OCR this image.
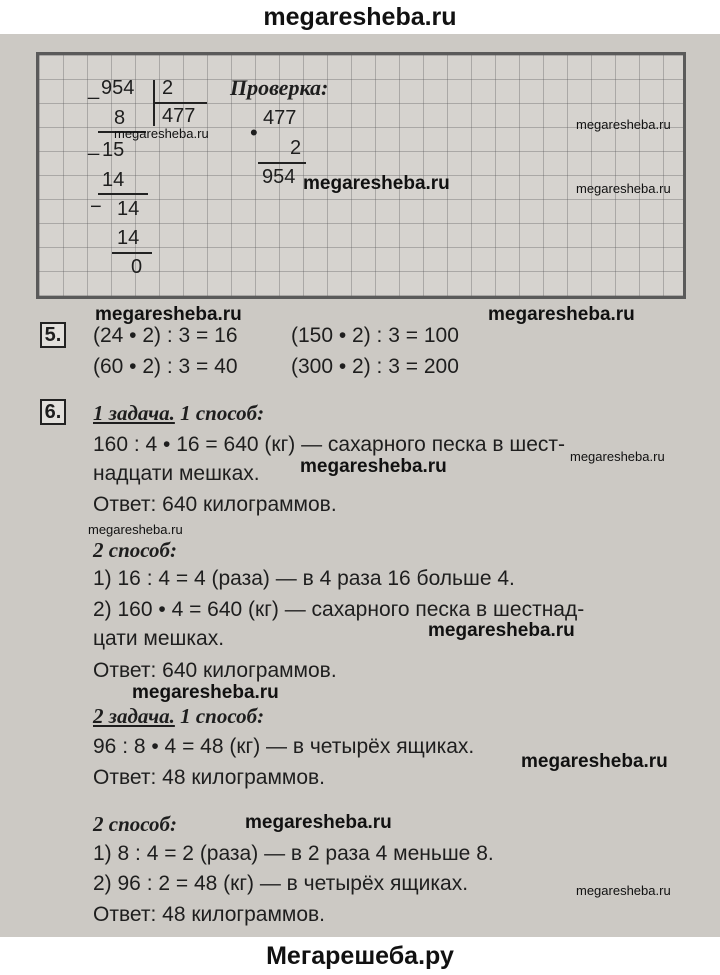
megaresheba.ru
954
_	2
477
8
_ 15
14
− 14
14
0
Проверка:
•
477
2
954
5. (24 • 2) : 3 = 16	(150 • 2) : 3 = 100
(60 • 2) : 3 = 40	(300 • 2) : 3 = 200
6. 1 задача. 1 способ:
160 : 4 • 16 = 640 (кг) — сахарного песка в шест-
надцати мешках.
Ответ: 640 килограммов.
2 способ:
1) 16 : 4 = 4 (раза) — в 4 раза 16 больше 4.
2) 160 • 4 = 640 (кг) — сахарного песка в шестнад-
цати мешках.
Ответ: 640 килограммов.
2 задача. 1 способ:
96 : 8 • 4 = 48 (кг) — в четырёх ящиках.
Ответ: 48 килограммов.
2 способ:
1) 8 : 4 = 2 (раза) — в 2 раза 4 меньше 8.
2) 96 : 2 = 48 (кг) — в четырёх ящиках.
Ответ: 48 килограммов.
megaresheba.ru
megaresheba.ru
megaresheba.ru	megaresheba.ru
megaresheba.ru	megaresheba.ru
megaresheba.ru	megaresheba.ru
megaresheba.ru
megaresheba.ru
megaresheba.ru
megaresheba.ru
megaresheba.ru
megaresheba.ru
Мегарешеба.ру
